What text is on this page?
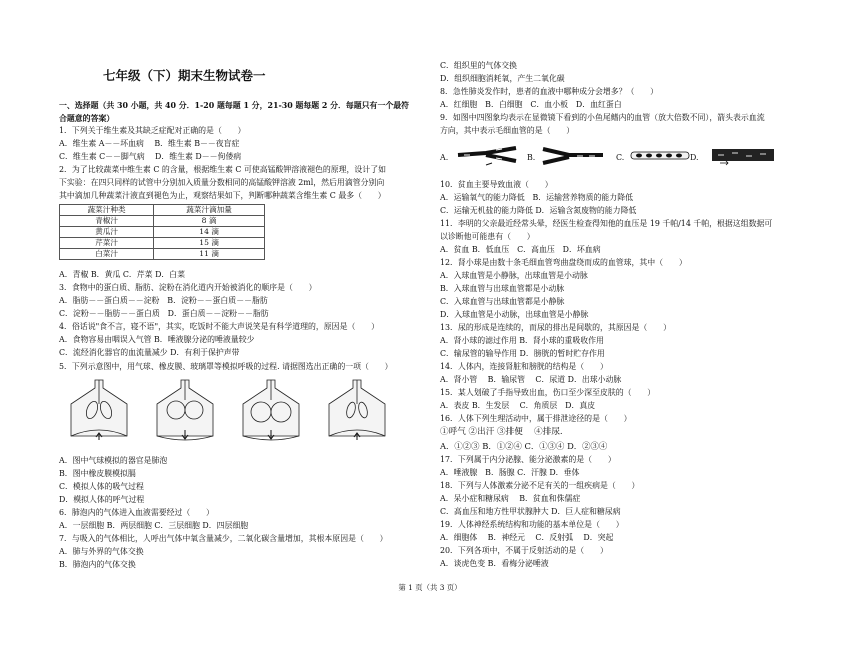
七年级（下）期末生物试卷一
一、选择题（共 30 小题，共 40 分．1-20 题每题 1 分，21-30 题每题 2 分．每题只有一个最符
合题意的答案）
1．下列关于维生素及其缺乏症配对正确的是（　　）
A．维生素 A－－坏血病　 B．维生素 B－－夜盲症
C．维生素 C－－脚气病　 D．维生素 D－－佝偻病
2．为了比较蔬菜中维生素 C 的含量，根据维生素 C 可使高锰酸钾溶液褪色的原理，设计了如
下实验：在四只同样的试管中分别加入质量分数相同的高锰酸钾溶液 2ml，然后用滴管分别向
其中滴加几种蔬菜汁液直到褪色为止，观察结果如下，判断哪种蔬菜含维生素 C 最多（　　）
蔬菜汁种类	蔬菜汁滴加量
青椒汁	8 滴
黄瓜汁	14 滴
芹菜汁	15 滴
白菜汁	11 滴
A．青椒 B．黄瓜 C．芹菜 D．白菜
3．食物中的蛋白质、脂肪、淀粉在消化道内开始被消化的顺序是（　　）
A．脂肪－－蛋白质－－淀粉　B．淀粉－－蛋白质－－脂肪
C．淀粉－－脂肪－－蛋白质　D．蛋白质－－淀粉－－脂肪
4．俗话说"食不言，寝不语"，其实，吃饭时不能大声说笑是有科学道理的，原因是（　　）
A．食物容易由咽误入气管 B．唾液腺分泌的唾液量较少
C．流经消化器官的血流量减少 D．有利于保护声带
5．下列示意图中，用气球、橡皮膜、玻璃罩等模拟呼吸的过程. 请据图选出正确的一项（　　）
A．图中气球模拟的器官是肺泡
B．图中橡皮膜模拟膈
C．模拟人体的吸气过程
D．模拟人体的呼气过程
6．肺泡内的气体进入血液需要经过（　　）
A．一层细胞 B．两层细胞 C．三层细胞 D．四层细胞
7．与吸入的气体相比，人呼出气体中氧含量减少，二氧化碳含量增加，其根本原因是（　　）
A．肺与外界的气体交换
B．肺泡内的气体交换
C．组织里的气体交换
D．组织细胞消耗氧，产生二氧化碳
8．急性肺炎发作时，患者的血液中哪种成分会增多？（　　）
A．红细胞　B．白细胞　C．血小板　D．血红蛋白
9．如图中四图象均表示在显微镜下看到的小鱼尾鳍内的血管（放大倍数不同），箭头表示血流
方向，其中表示毛细血管的是（　　）
A.	B.	C.	D.
10．贫血主要导致血液（　　）
A．运输氧气的能力降低　B．运输营养物质的能力降低
C．运输无机盐的能力降低 D．运输含氮废物的能力降低
11．李明的父亲最近经常头晕，经医生检查得知他的血压是 19 千帕/14 千帕，根据这组数据可
以诊断他可能患有（　　）
A．贫血 B．低血压　C．高血压　D．坏血病
12．肾小球是由数十条毛细血管弯曲盘绕而成的血管球，其中（　　）
A．入球血管是小静脉，出球血管是小动脉
B．入球血管与出球血管都是小动脉
C．入球血管与出球血管都是小静脉
D．入球血管是小动脉，出球血管是小静脉
13．尿的形成是连续的，而尿的排出是间歇的，其原因是（　　）
A．肾小球的滤过作用 B．肾小球的重吸收作用
C．输尿管的输导作用 D．膀胱的暂时贮存作用
14．人体内，连接肾脏和膀胱的结构是（　　）
A．肾小管　 B．输尿管　 C．尿道 D．出球小动脉
15．某人划破了手指导致出血，伤口至少深至皮肤的（　　）
A．表皮 B．生发层　 C．角质层　D．真皮
16．人体下列生理活动中，属于排泄途径的是（　　）
①呼气 ②出汗 ③排便　 ④排尿.
A．①②③ B．①②④ C．①③④ D．②③④
17．下列属于内分泌腺、能分泌激素的是（　　）
A．唾液腺　B．肠腺 C．汗腺 D．垂体
18．下列与人体激素分泌不足有关的一组疾病是（　　）
A．呆小症和糖尿病　 B．贫血和侏儒症
C．高血压和地方性甲状腺肿大 D．巨人症和糖尿病
19．人体神经系统结构和功能的基本单位是（　　）
A．细胞体　 B．神经元　 C．反射弧　 D．突起
20．下列各项中，不属于反射活动的是（　　）
A．谈虎色变 B．看梅分泌唾液
第 1 页（共 3 页）
